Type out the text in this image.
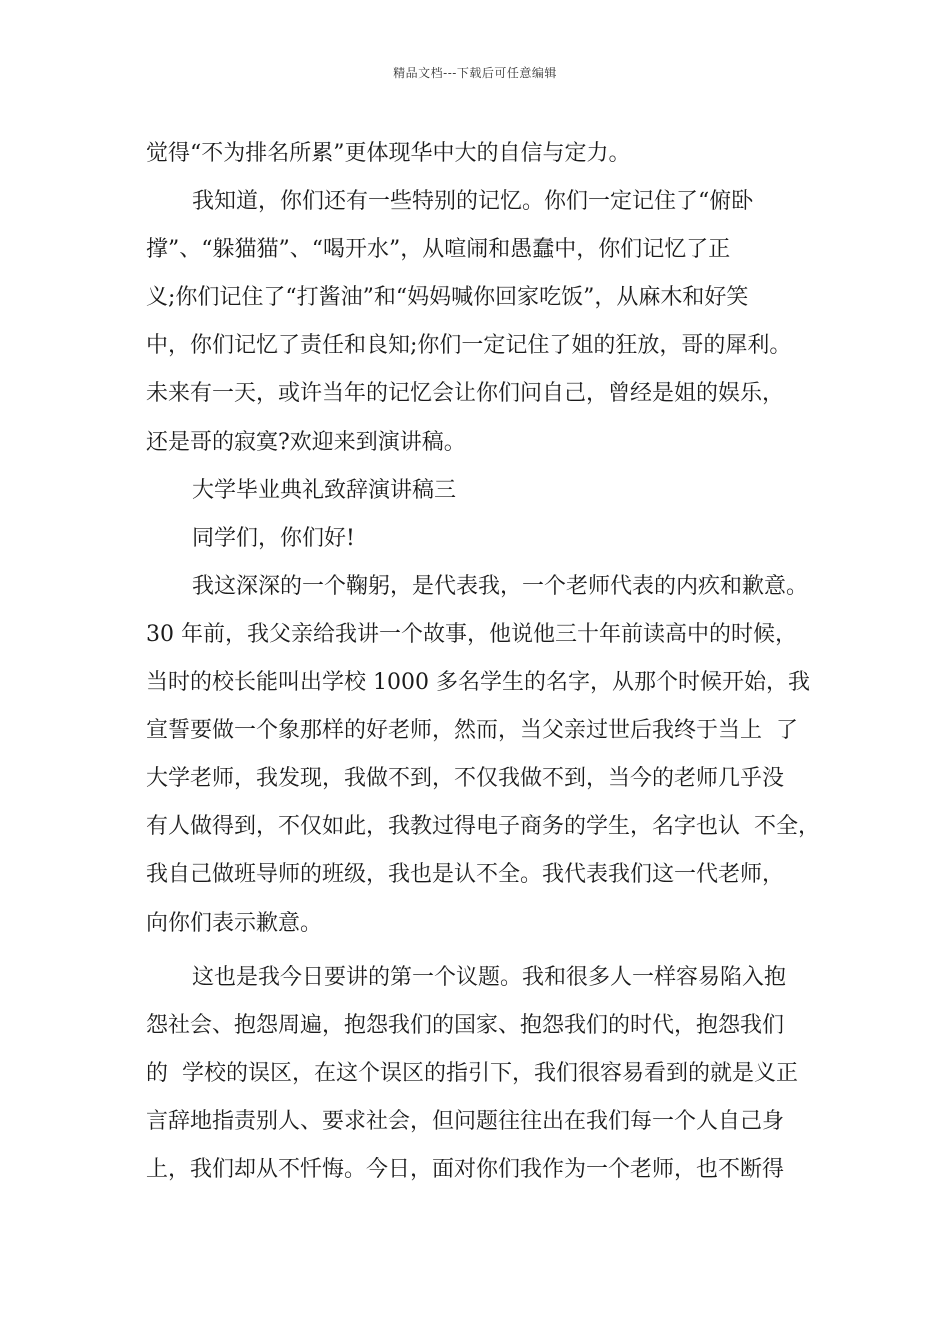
精品文档---下载后可任意编辑
觉得“不为排名所累”更体现华中大的自信与定力。
我知道，你们还有一些特别的记忆。你们一定记住了“俯卧
撑”、“躲猫猫”、“喝开水”，从喧闹和愚蠢中，你们记忆了正
义;你们记住了“打酱油”和“妈妈喊你回家吃饭”，从麻木和好笑
中，你们记忆了责任和良知;你们一定记住了姐的狂放，哥的犀利。
未来有一天，或许当年的记忆会让你们问自己，曾经是姐的娱乐，
还是哥的寂寞?欢迎来到演讲稿。
大学毕业典礼致辞演讲稿三
同学们，你们好!
我这深深的一个鞠躬，是代表我，一个老师代表的内疚和歉意。
30 年前，我父亲给我讲一个故事，他说他三十年前读高中的时候，
当时的校长能叫出学校 1000 多名学生的名字，从那个时候开始，我
宣誓要做一个象那样的好老师，然而，当父亲过世后我终于当上  了
大学老师，我发现，我做不到，不仅我做不到，当今的老师几乎没
有人做得到，不仅如此，我教过得电子商务的学生，名字也认  不全，
我自己做班导师的班级，我也是认不全。我代表我们这一代老师，
向你们表示歉意。
这也是我今日要讲的第一个议题。我和很多人一样容易陷入抱
怨社会、抱怨周遍，抱怨我们的国家、抱怨我们的时代，抱怨我们
的  学校的误区，在这个误区的指引下，我们很容易看到的就是义正
言辞地指责别人、要求社会，但问题往往出在我们每一个人自己身
上，我们却从不忏悔。今日，面对你们我作为一个老师，也不断得
